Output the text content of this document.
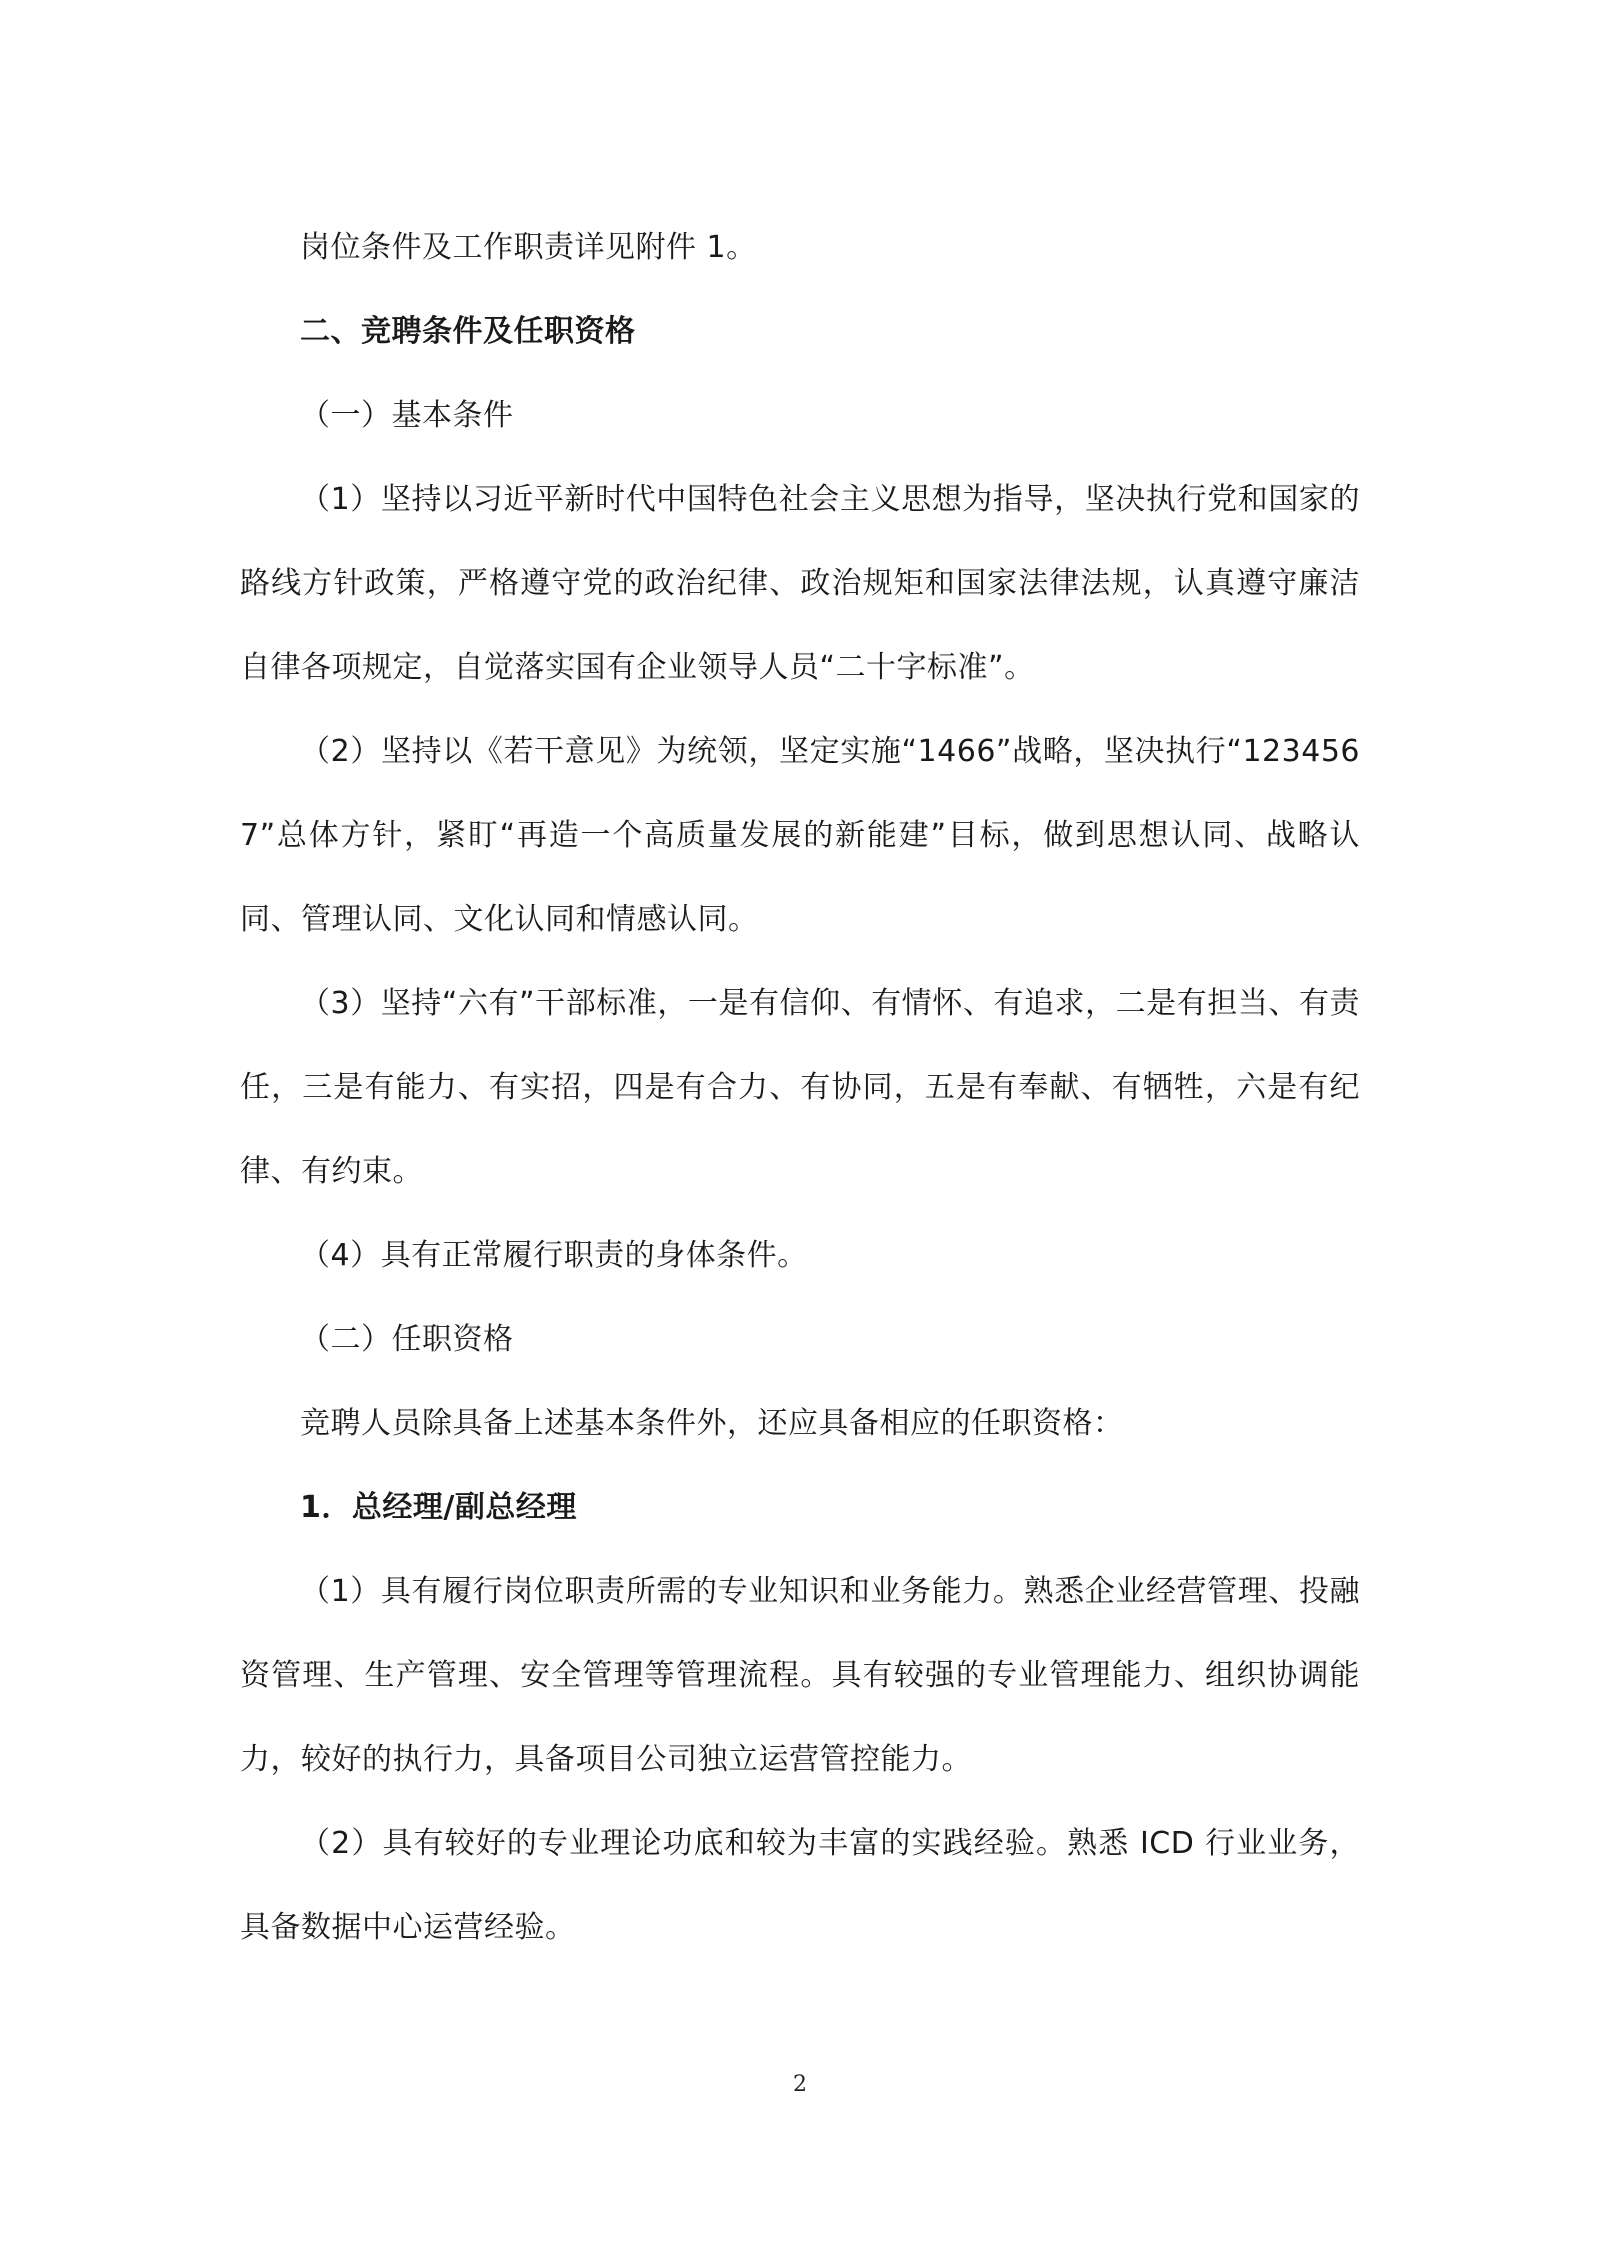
岗位条件及工作职责详见附件 1。

二、竞聘条件及任职资格

（一）基本条件

（1）坚持以习近平新时代中国特色社会主义思想为指导，坚决执行党和国家的路线方针政策，严格遵守党的政治纪律、政治规矩和国家法律法规，认真遵守廉洁自律各项规定，自觉落实国有企业领导人员“二十字标准”。

（2）坚持以《若干意见》为统领，坚定实施“1466”战略，坚决执行“1234567”总体方针，紧盯“再造一个高质量发展的新能建”目标，做到思想认同、战略认同、管理认同、文化认同和情感认同。

（3）坚持“六有”干部标准，一是有信仰、有情怀、有追求，二是有担当、有责任，三是有能力、有实招，四是有合力、有协同，五是有奉献、有牺牲，六是有纪律、有约束。

（4）具有正常履行职责的身体条件。

（二）任职资格

竞聘人员除具备上述基本条件外，还应具备相应的任职资格：

1．总经理/副总经理

（1）具有履行岗位职责所需的专业知识和业务能力。熟悉企业经营管理、投融资管理、生产管理、安全管理等管理流程。具有较强的专业管理能力、组织协调能力，较好的执行力，具备项目公司独立运营管控能力。

（2）具有较好的专业理论功底和较为丰富的实践经验。熟悉 ICD 行业业务，具备数据中心运营经验。

2
